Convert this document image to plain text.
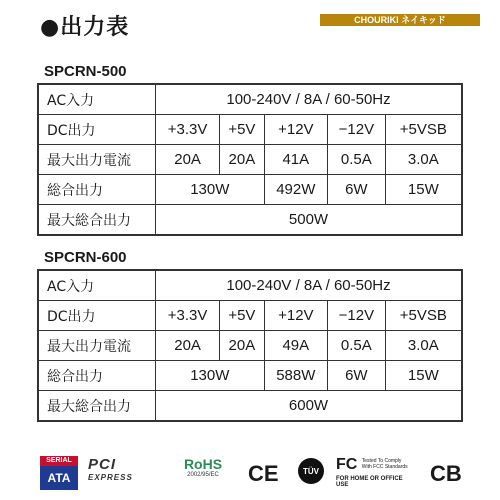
●出力表	CHOURIKI ネイキッド
SPCRN-500
AC入力	100-240V / 8A / 60-50Hz				
DC出力	+3.3V	+5V	+12V	−12V	+5VSB
最大出力電流	20A	20A	41A	0.5A	3.0A
総合出力	130W		492W	6W	15W
最大総合出力	500W				
SPCRN-600
AC入力	100-240V / 8A / 60-50Hz				
DC出力	+3.3V	+5V	+12V	−12V	+5VSB
最大出力電流	20A	20A	49A	0.5A	3.0A
総合出力	130W		588W	6W	15W
最大総合出力	600W				
SERIAL
ATA
PCI
EXPRESS
RoHS
2002/95/EC	CE	TÜV FC Tested To Comply With FCC Standards
FOR HOME OR OFFICE USE	CB
